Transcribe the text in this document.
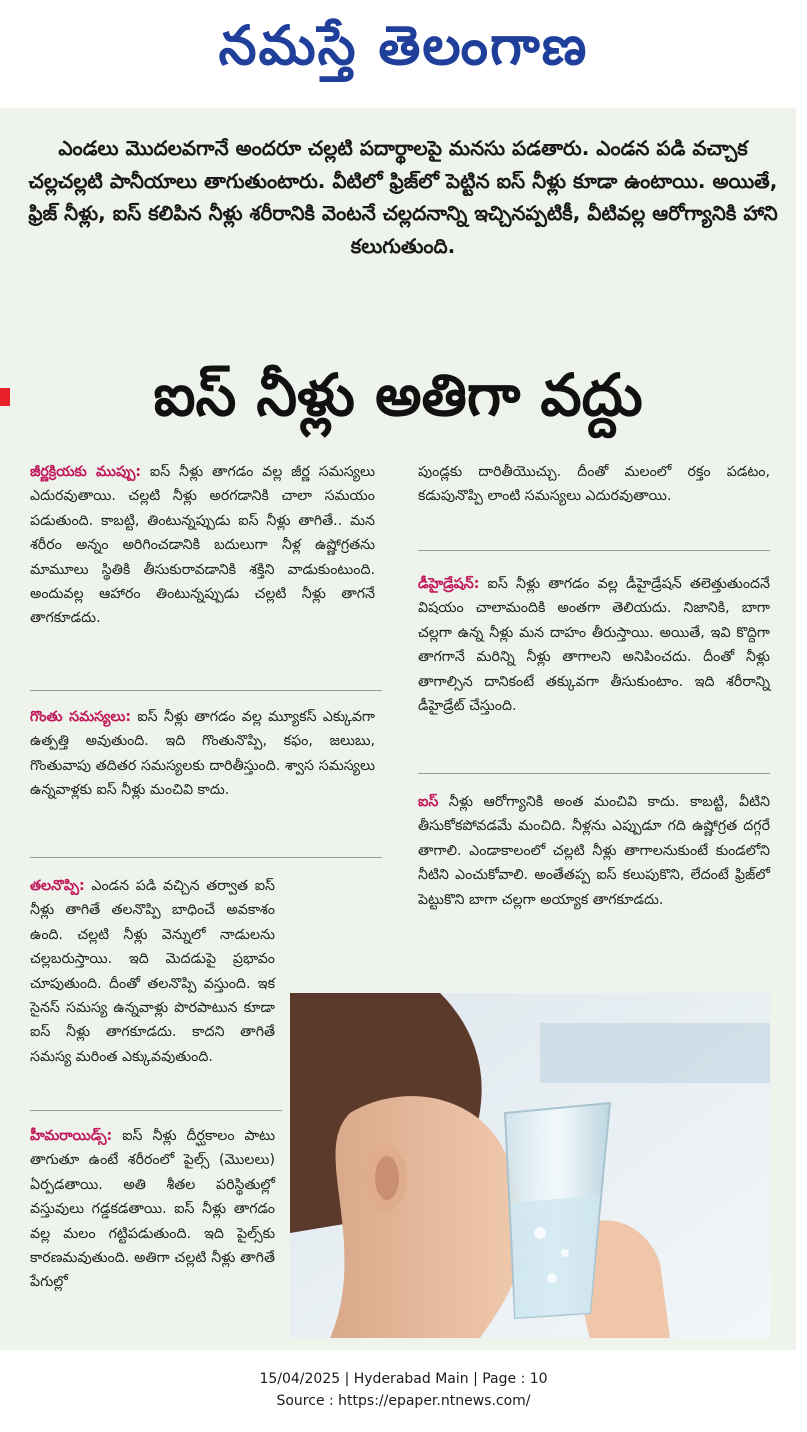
నమస్తే తెలంగాణ
ఎండలు మొదలవగానే అందరూ చల్లటి పదార్థాలపై మనసు పడతారు. ఎండన పడి వచ్చాక చల్లచల్లటి పానీయాలు తాగుతుంటారు. వీటిలో ఫ్రిజ్‌లో పెట్టిన ఐస్‌ నీళ్లు కూడా ఉంటాయి. అయితే, ఫ్రిజ్‌ నీళ్లు, ఐస్‌ కలిపిన నీళ్లు శరీరానికి వెంటనే చల్లదనాన్ని ఇచ్చినప్పటికీ, వీటివల్ల ఆరోగ్యానికి హాని కలుగుతుంది.
ఐస్‌ నీళ్లు అతిగా వద్దు

జీర్ణక్రియకు ముప్పు: ఐస్‌ నీళ్లు తాగడం వల్ల జీర్ణ సమస్యలు ఎదురవుతాయి. చల్లటి నీళ్లు అరగడానికి చాలా సమయం పడుతుంది. కాబట్టి, తింటున్నప్పుడు ఐస్‌ నీళ్లు తాగితే.. మన శరీరం అన్నం అరిగించడానికి బదులుగా నీళ్ల ఉష్ణోగ్రతను మామూలు స్థితికి తీసుకురావడానికి శక్తిని వాడుకుంటుంది. అందువల్ల ఆహారం తింటున్నప్పుడు చల్లటి నీళ్లు తాగనే తాగకూడదు.

గొంతు సమస్యలు: ఐస్‌ నీళ్లు తాగడం వల్ల మ్యూకస్‌ ఎక్కువగా ఉత్పత్తి అవుతుంది. ఇది గొంతునొప్పి, కఫం, జలుబు, గొంతువాపు తదితర సమస్యలకు దారితీస్తుంది. శ్వాస సమస్యలు ఉన్నవాళ్లకు ఐస్‌ నీళ్లు మంచివి కాదు.

తలనొప్పి: ఎండన పడి వచ్చిన తర్వాత ఐస్‌ నీళ్లు తాగితే తలనొప్పి బాధించే అవకాశం ఉంది. చల్లటి నీళ్లు వెన్నులో నాడులను చల్లబరుస్తాయి. ఇది మెదడుపై ప్రభావం చూపుతుంది. దీంతో తలనొప్పి వస్తుంది. ఇక సైనస్‌ సమస్య ఉన్నవాళ్లు పొరపాటున కూడా ఐస్‌ నీళ్లు తాగకూడదు. కాదని తాగితే సమస్య మరింత ఎక్కువవుతుంది.

హీమరాయిడ్స్‌: ఐస్‌ నీళ్లు దీర్ఘకాలం పాటు తాగుతూ ఉంటే శరీరంలో పైల్స్‌ (మొలలు) ఏర్పడతాయి. అతి శీతల పరిస్థితుల్లో వస్తువులు గడ్డకడతాయి. ఐస్‌ నీళ్లు తాగడం వల్ల మలం గట్టిపడుతుంది. ఇది పైల్స్‌కు కారణమవుతుంది. అతిగా చల్లటి నీళ్లు తాగితే పేగుల్లో

పుండ్లకు దారితీయొచ్చు. దీంతో మలంలో రక్తం పడటం, కడుపునొప్పి లాంటి సమస్యలు ఎదురవుతాయి.

డీహైడ్రేషన్‌: ఐస్‌ నీళ్లు తాగడం వల్ల డీహైడ్రేషన్‌ తలెత్తుతుందనే విషయం చాలామందికి అంతగా తెలియదు. నిజానికి, బాగా చల్లగా ఉన్న నీళ్లు మన దాహం తీరుస్తాయి. అయితే, ఇవి కొద్దిగా తాగగానే మరిన్ని నీళ్లు తాగాలని అనిపించదు. దీంతో నీళ్లు తాగాల్సిన దానికంటే తక్కువగా తీసుకుంటాం. ఇది శరీరాన్ని డీహైడ్రేట్‌ చేస్తుంది.

ఐస్‌ నీళ్లు ఆరోగ్యానికి అంత మంచివి కాదు. కాబట్టి, వీటిని తీసుకోకపోవడమే మంచిది. నీళ్లను ఎప్పుడూ గది ఉష్ణోగ్రత దగ్గరే తాగాలి. ఎండాకాలంలో చల్లటి నీళ్లు తాగాలనుకుంటే కుండలోని నీటిని ఎంచుకోవాలి. అంతేతప్ప ఐస్‌ కలుపుకొని, లేదంటే ఫ్రిజ్‌లో పెట్టుకొని బాగా చల్లగా అయ్యాక తాగకూడదు.

15/04/2025 | Hyderabad Main | Page : 10
Source : https://epaper.ntnews.com/
